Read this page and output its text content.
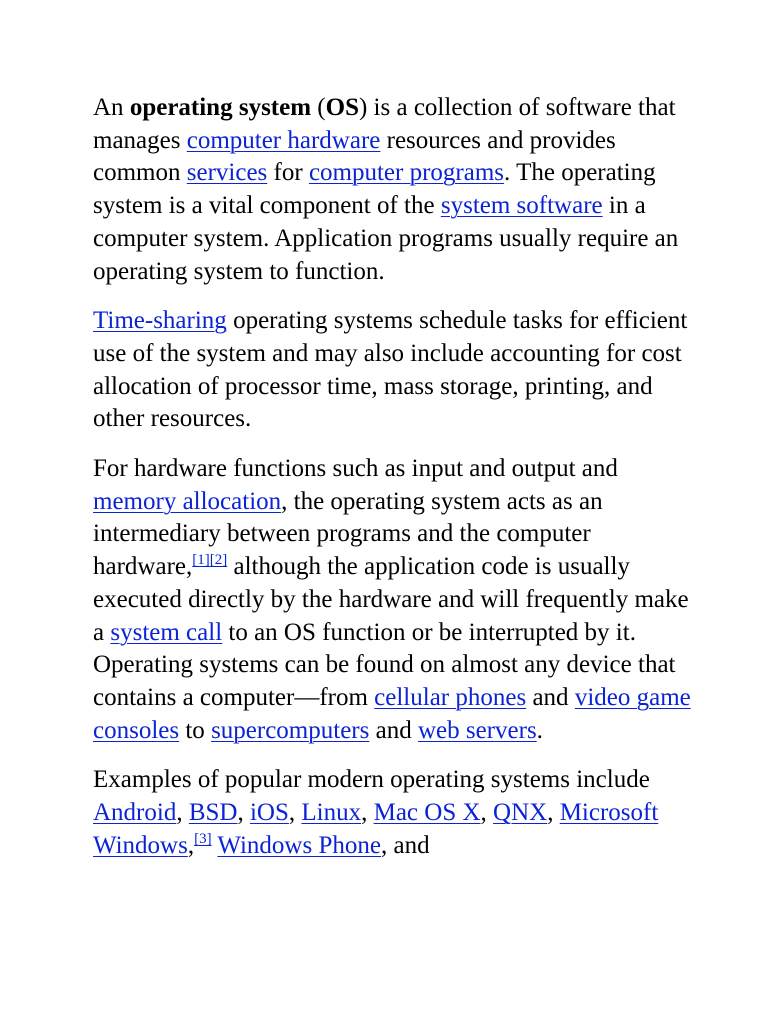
An operating system (OS) is a collection of software that manages computer hardware resources and provides common services for computer programs. The operating system is a vital component of the system software in a computer system. Application programs usually require an operating system to function.

Time-sharing operating systems schedule tasks for efficient use of the system and may also include accounting for cost allocation of processor time, mass storage, printing, and other resources.

For hardware functions such as input and output and memory allocation, the operating system acts as an intermediary between programs and the computer hardware,[1][2] although the application code is usually executed directly by the hardware and will frequently make a system call to an OS function or be interrupted by it. Operating systems can be found on almost any device that contains a computer—from cellular phones and video game consoles to supercomputers and web servers.

Examples of popular modern operating systems include Android, BSD, iOS, Linux, Mac OS X, QNX, Microsoft Windows,[3] Windows Phone, and
